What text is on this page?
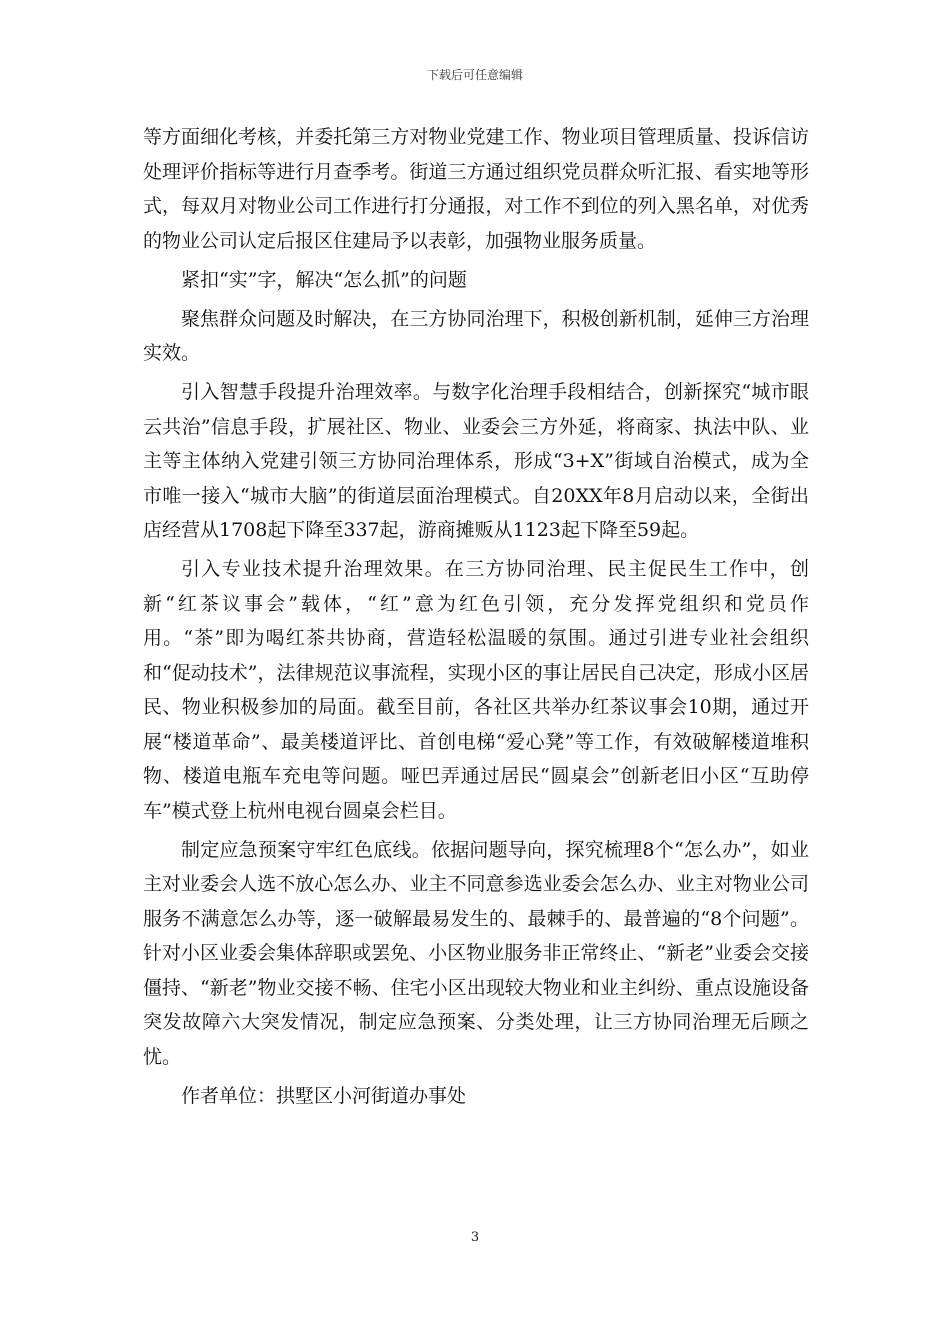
下载后可任意编辑

等方面细化考核，并委托第三方对物业党建工作、物业项目管理质量、投诉信访处理评价指标等进行月查季考。街道三方通过组织党员群众听汇报、看实地等形式，每双月对物业公司工作进行打分通报，对工作不到位的列入黑名单，对优秀的物业公司认定后报区住建局予以表彰，加强物业服务质量。

紧扣“实”字，解决“怎么抓”的问题

聚焦群众问题及时解决，在三方协同治理下，积极创新机制，延伸三方治理实效。

引入智慧手段提升治理效率。与数字化治理手段相结合，创新探究“城市眼云共治”信息手段，扩展社区、物业、业委会三方外延，将商家、执法中队、业主等主体纳入党建引领三方协同治理体系，形成“3+X”街域自治模式，成为全市唯一接入“城市大脑”的街道层面治理模式。自20XX年8月启动以来，全街出店经营从1708起下降至337起，游商摊贩从1123起下降至59起。

引入专业技术提升治理效果。在三方协同治理、民主促民生工作中，创新“红茶议事会”载体，“红”意为红色引领，充分发挥党组织和党员作用。“茶”即为喝红茶共协商，营造轻松温暖的氛围。通过引进专业社会组织和“促动技术”，法律规范议事流程，实现小区的事让居民自己决定，形成小区居民、物业积极参加的局面。截至目前，各社区共举办红茶议事会10期，通过开展“楼道革命”、最美楼道评比、首创电梯“爱心凳”等工作，有效破解楼道堆积物、楼道电瓶车充电等问题。哑巴弄通过居民“圆桌会”创新老旧小区“互助停车”模式登上杭州电视台圆桌会栏目。

制定应急预案守牢红色底线。依据问题导向，探究梳理8个“怎么办”，如业主对业委会人选不放心怎么办、业主不同意参选业委会怎么办、业主对物业公司服务不满意怎么办等，逐一破解最易发生的、最棘手的、最普遍的“8个问题”。针对小区业委会集体辞职或罢免、小区物业服务非正常终止、“新老”业委会交接僵持、“新老”物业交接不畅、住宅小区出现较大物业和业主纠纷、重点设施设备突发故障六大突发情况，制定应急预案、分类处理，让三方协同治理无后顾之忧。

作者单位：拱墅区小河街道办事处

3
